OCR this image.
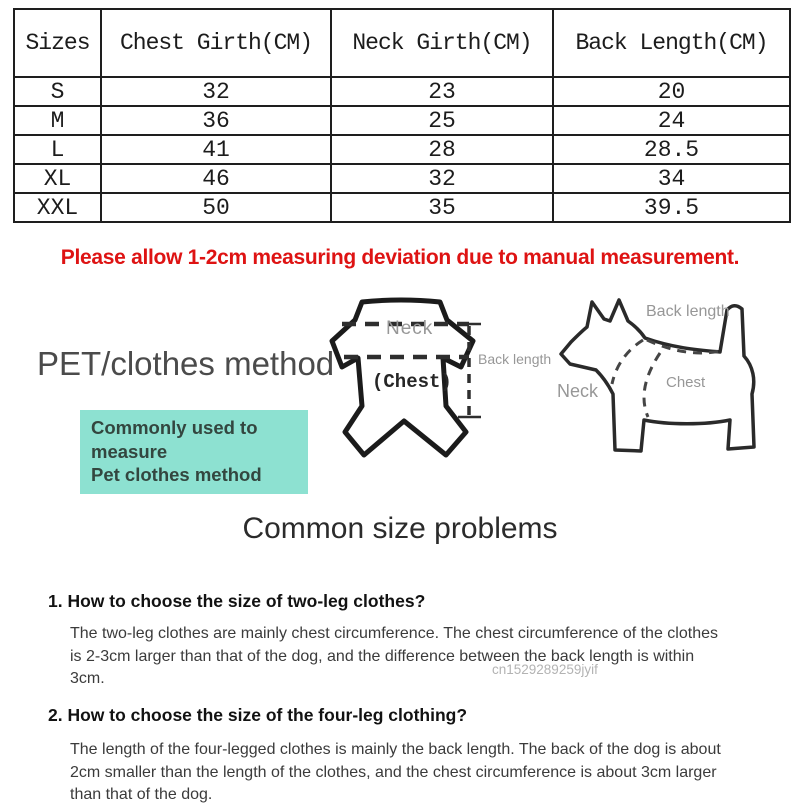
Sizes	Chest Girth(CM)	Neck Girth(CM)	Back Length(CM)
S	32	23	20
M	36	25	24
L	41	28	28.5
XL	46	32	34
XXL	50	35	39.5
Please allow 1-2cm measuring deviation due to manual measurement.
PET/clothes method
Commonly used to measure
Pet clothes method
Neck
(Chest)
Back length
Back length
Neck	Chest
Common size problems
1. How to choose the size of two-leg clothes?
The two-leg clothes are mainly chest circumference. The chest circumference of the clothes is 2-3cm larger than that of the dog, and the difference between the back length is within 3cm.
cn1529289259jyif
2. How to choose the size of the four-leg clothing?
The length of the four-legged clothes is mainly the back length. The back of the dog is about 2cm smaller than the length of the clothes, and the chest circumference is about 3cm larger than that of the dog.
